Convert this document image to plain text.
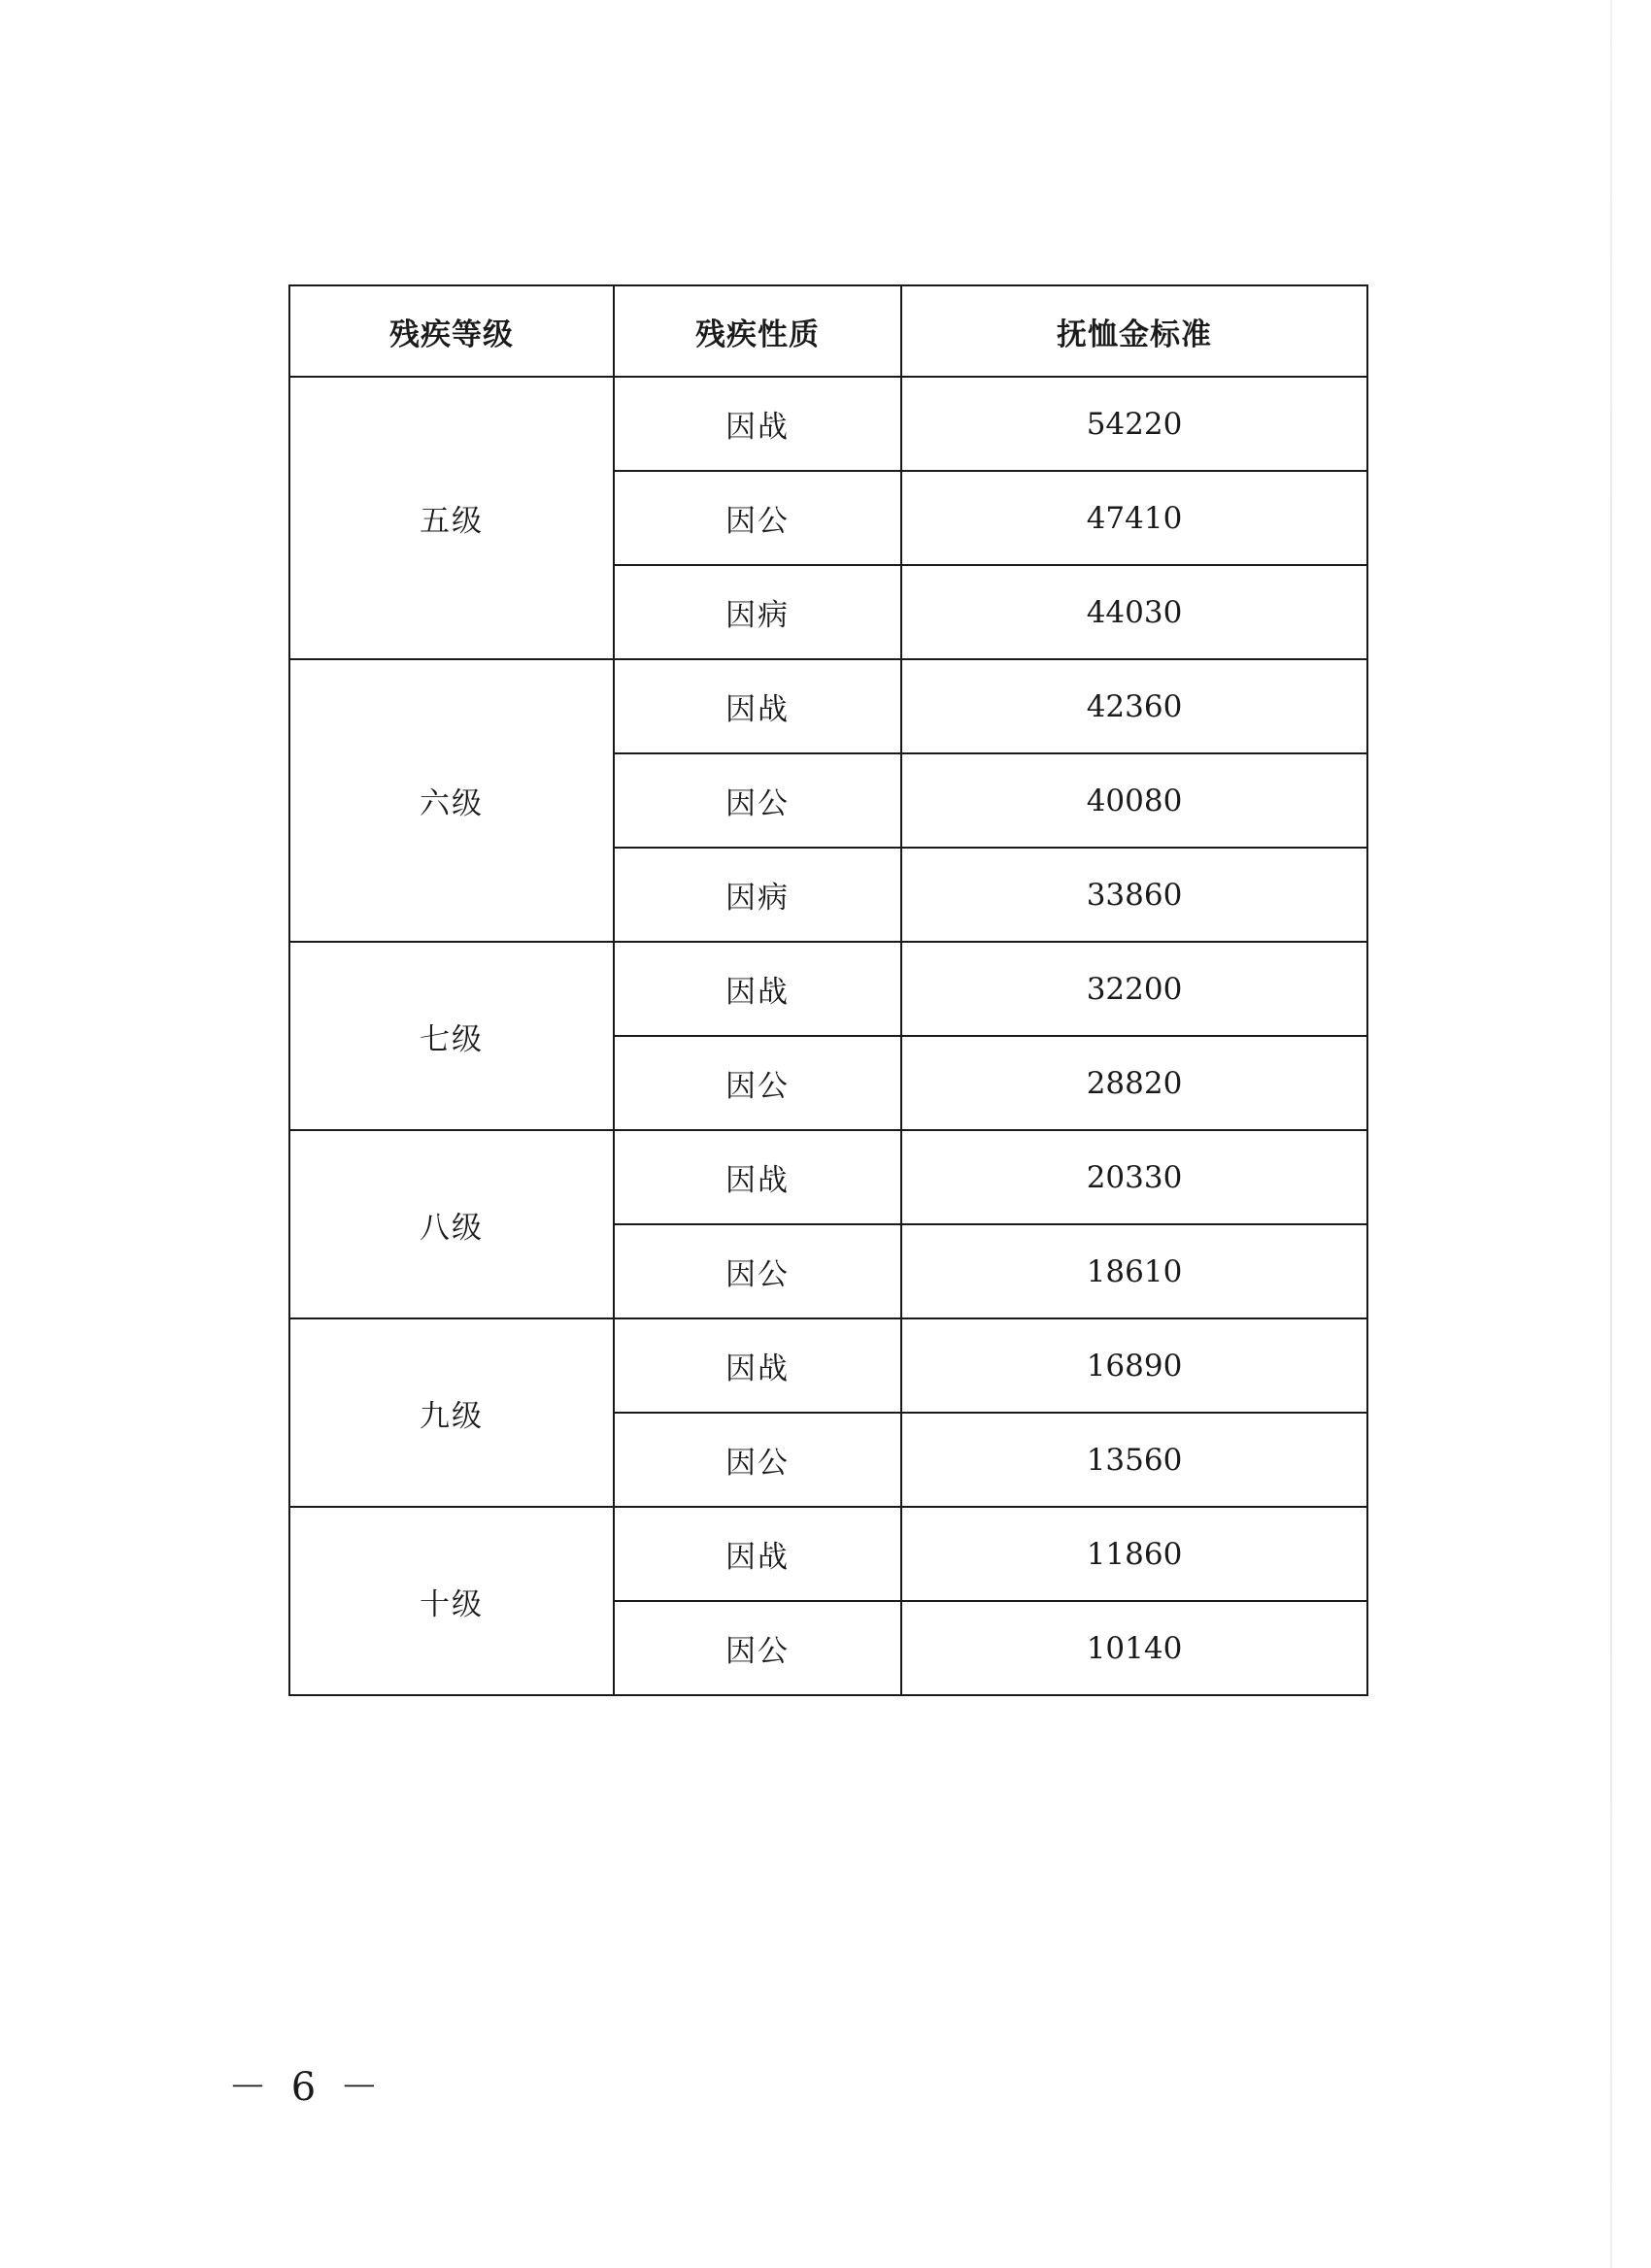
残疾等级	残疾性质	抚恤金标准
五级	因战	54220
	因公	47410
	因病	44030
六级	因战	42360
	因公	40080
	因病	33860
七级	因战	32200
	因公	28820
八级	因战	20330
	因公	18610
九级	因战	16890
	因公	13560
十级	因战	11860
	因公	10140
－ 6 －
